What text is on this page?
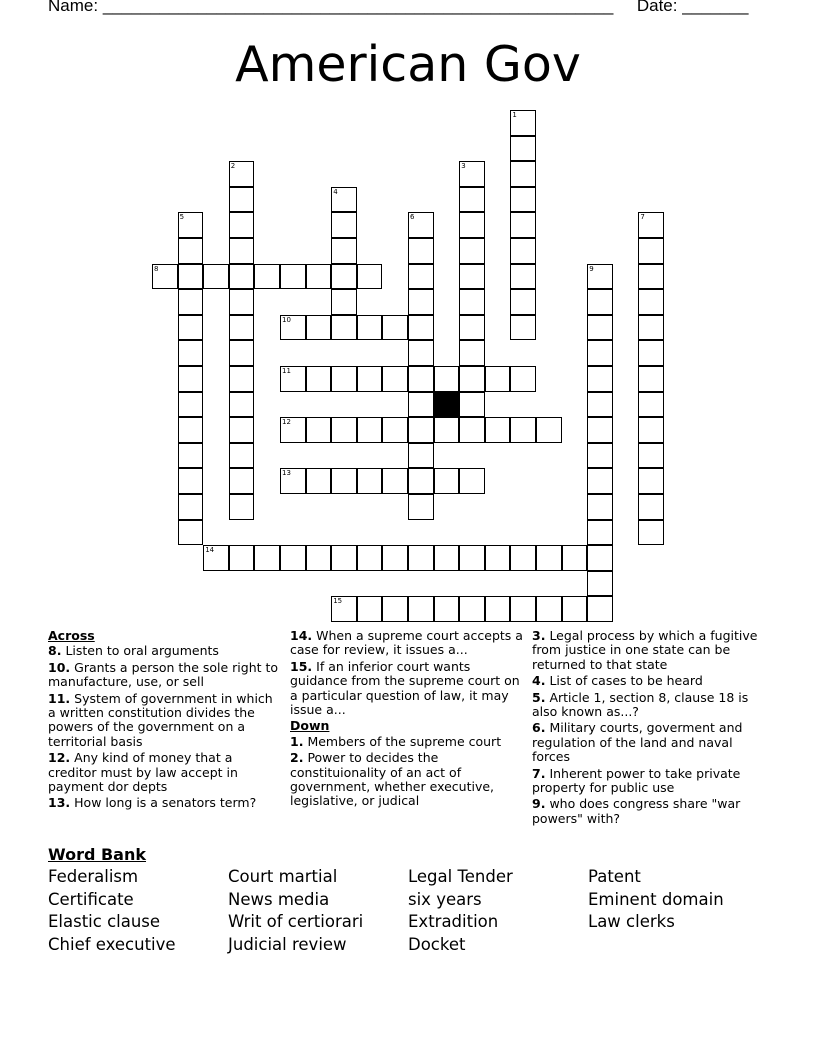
Name: ______________________________________________________ Date: _______
American Gov
1
2	3
4
5	6	7
8	9
10
11
12
13
14
15
Across
8. Listen to oral arguments
10. Grants a person the sole right to manufacture, use, or sell
11. System of government in which a written constitution divides the powers of the government on a territorial basis
12. Any kind of money that a creditor must by law accept in payment dor depts
13. How long is a senators term?
14. When a supreme court accepts a case for review, it issues a...
15. If an inferior court wants guidance from the supreme court on a particular question of law, it may issue a...
Down
1. Members of the supreme court
2. Power to decides the constituionality of an act of government, whether executive, legislative, or judical
3. Legal process by which a fugitive from justice in one state can be returned to that state
4. List of cases to be heard
5. Article 1, section 8, clause 18 is also known as...?
6. Military courts, goverment and regulation of the land and naval forces
7. Inherent power to take private property for public use
9. who does congress share "war powers" with?
Word Bank
Federalism
Certificate
Elastic clause
Chief executive
Court martial
News media
Writ of certiorari
Judicial review
Legal Tender
six years
Extradition
Docket
Patent
Eminent domain
Law clerks
